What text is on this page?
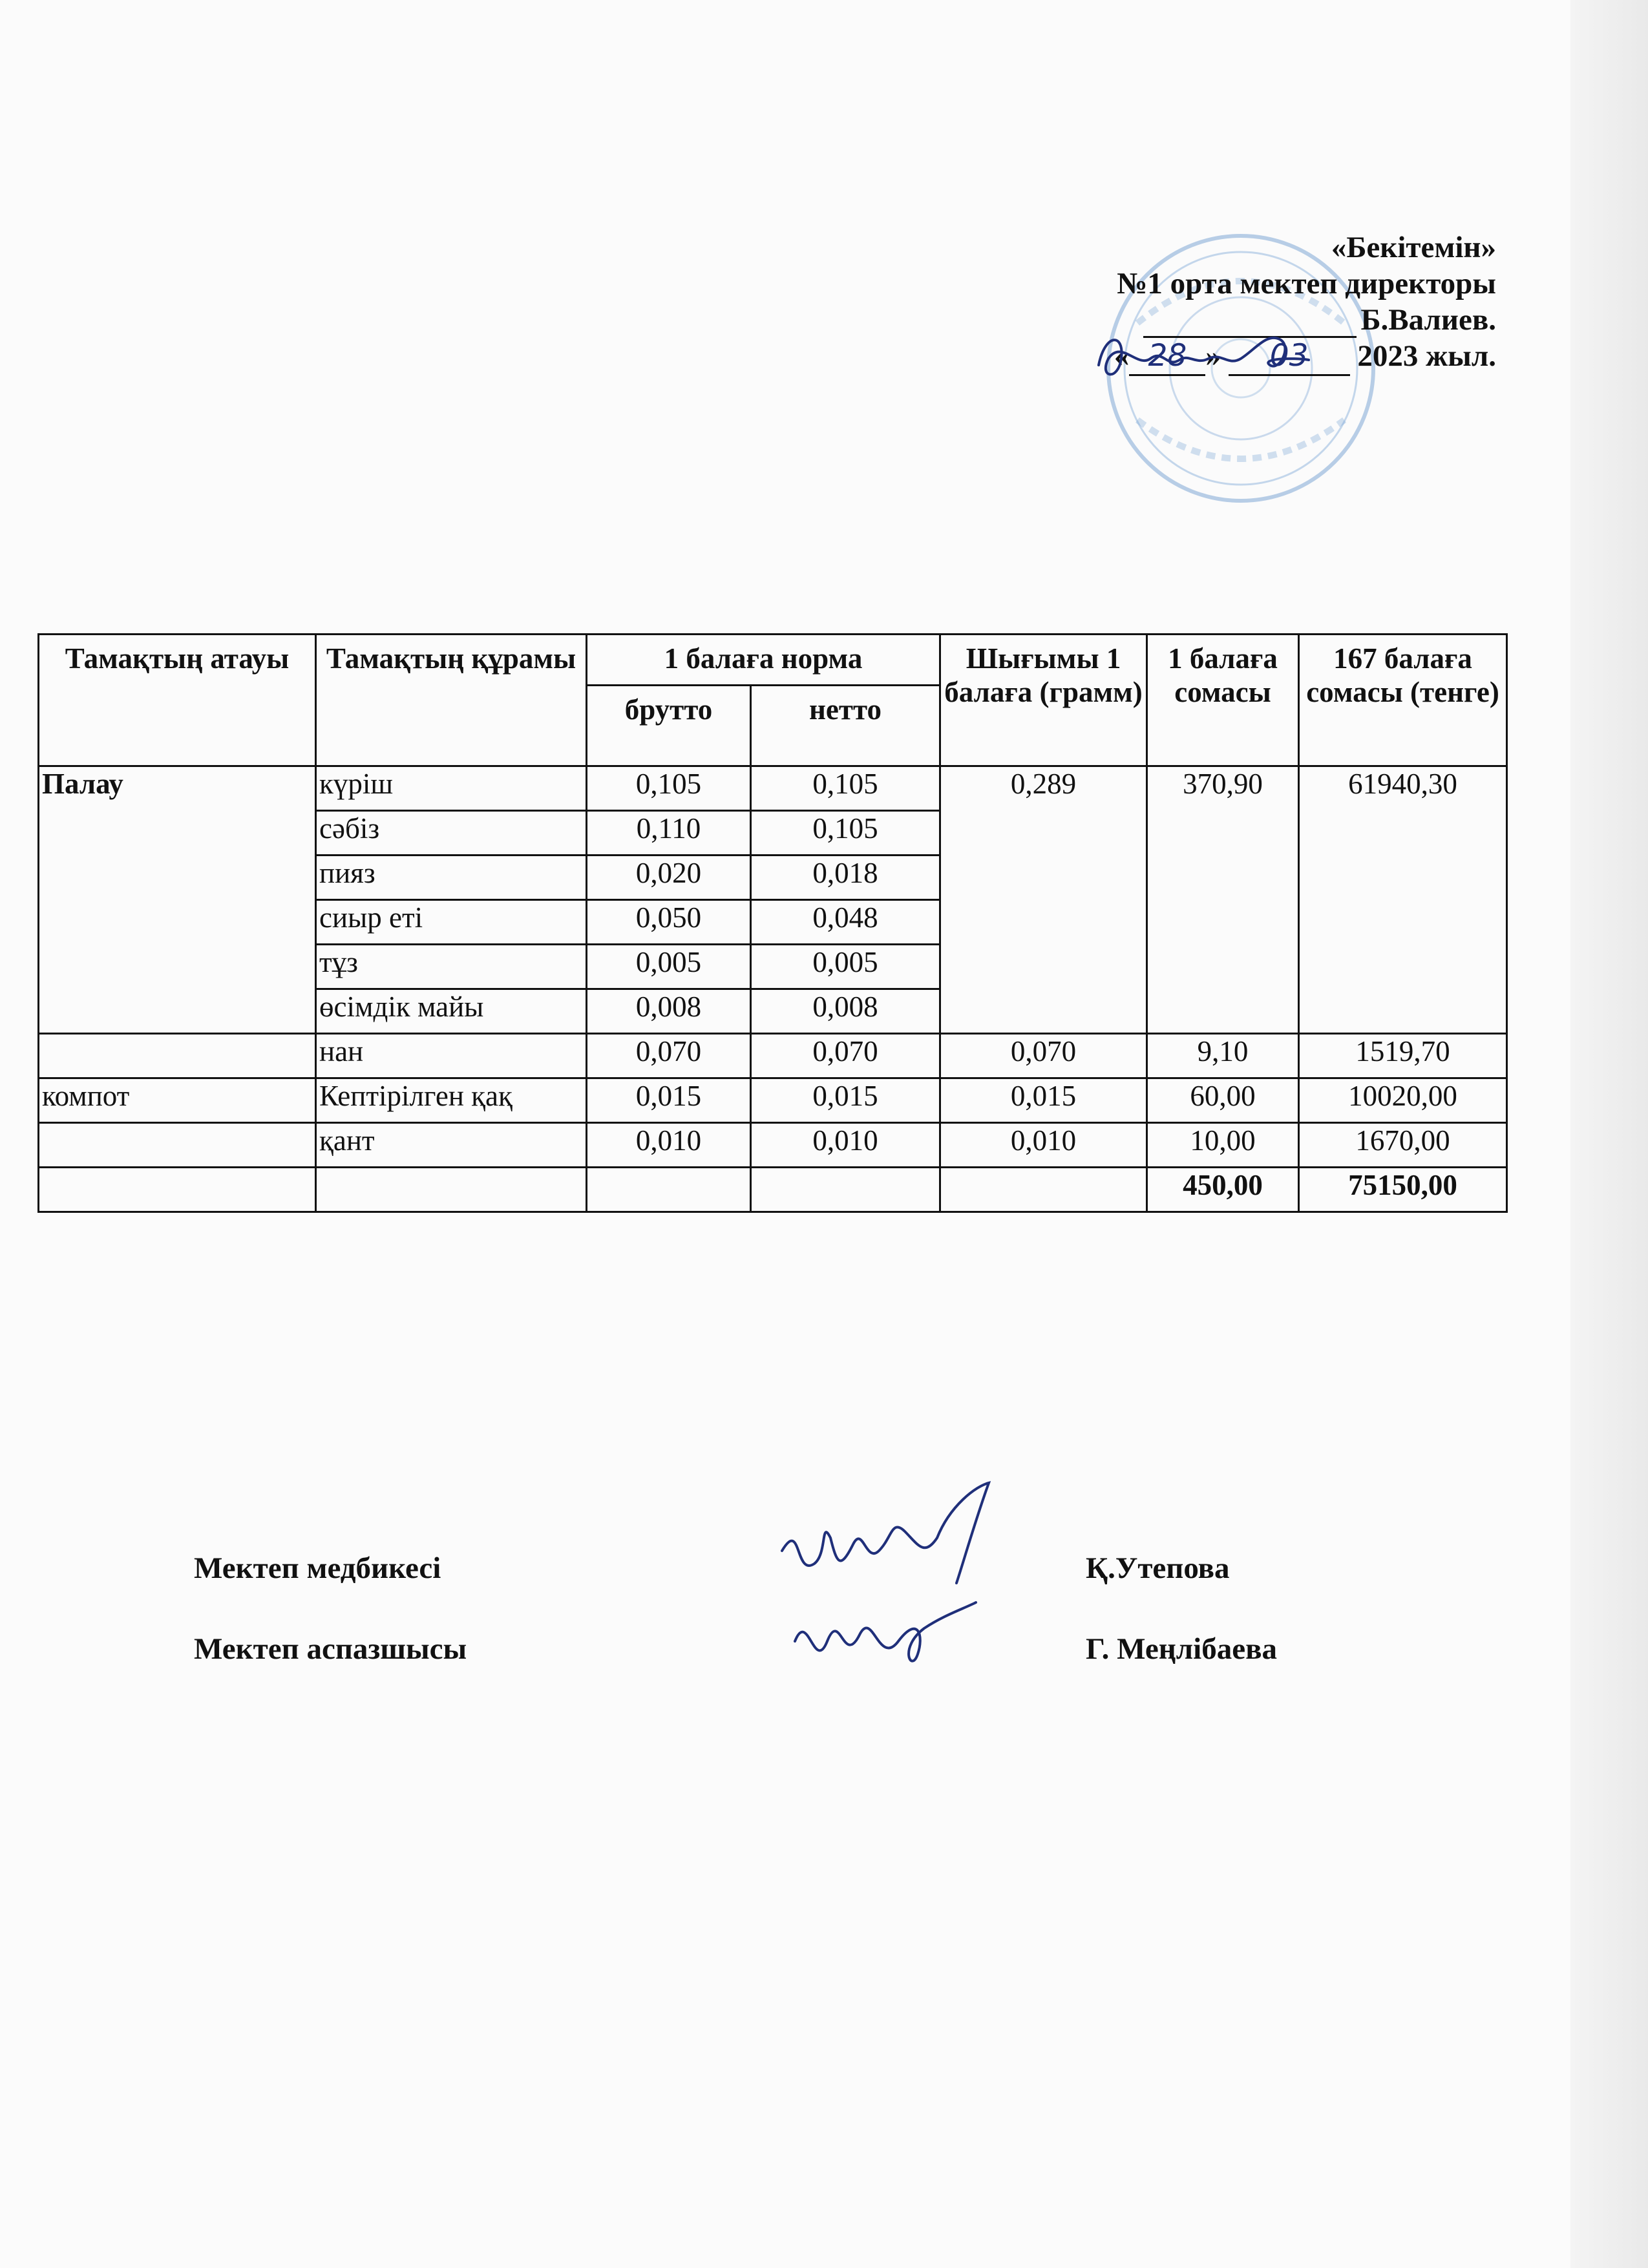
«Бекітемін»
№1 орта мектеп директоры
Б.Валиев.
« 28 » 03 2023 жыл.
Тамақтың атауы	Тамақтың құрамы	1 балаға норма		Шығымы 1 балаға (грамм)	1 балаға сомасы	167 балаға сомасы (тенге)
		брутто	нетто			
Палау	күріш	0,105	0,105	0,289	370,90	61940,30
	сәбіз	0,110	0,105			
	пияз	0,020	0,018			
	сиыр еті	0,050	0,048			
	тұз	0,005	0,005			
	өсімдік майы	0,008	0,008			
	нан	0,070	0,070	0,070	9,10	1519,70
компот	Кептірілген қақ	0,015	0,015	0,015	60,00	10020,00
	қант	0,010	0,010	0,010	10,00	1670,00
					450,00	75150,00
Мектеп медбикесі	Қ.Утепова
Мектеп аспазшысы	Г. Меңлібаева
